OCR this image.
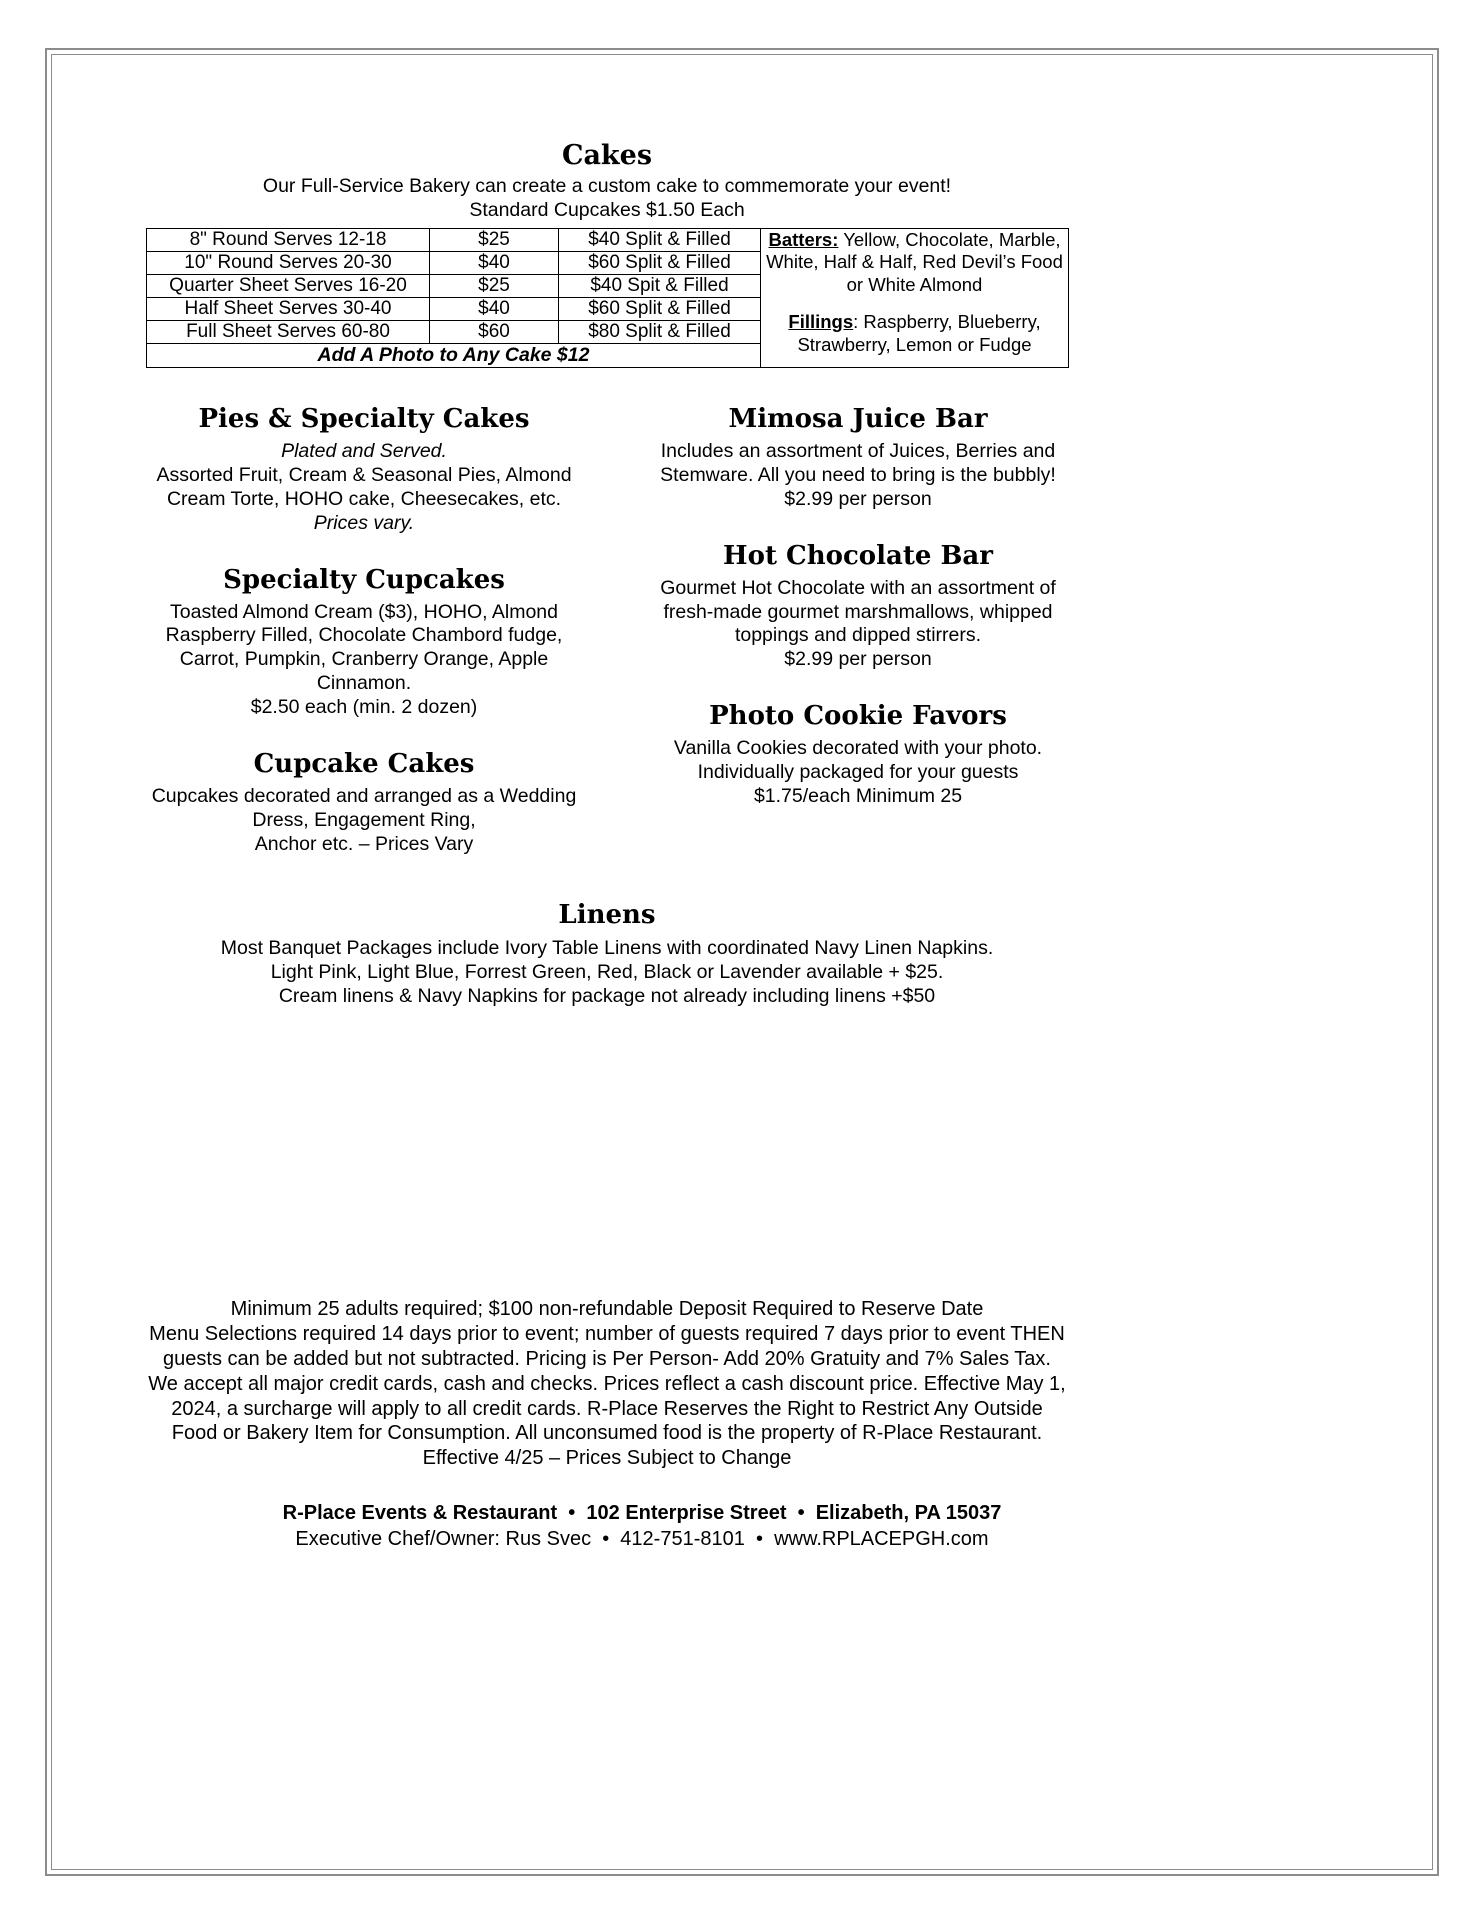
Cakes
Our Full-Service Bakery can create a custom cake to commemorate your event!
Standard Cupcakes $1.50 Each
8" Round Serves 12-18	$25	$40 Split & Filled	Batters: Yellow, Chocolate, Marble, White, Half & Half, Red Devil’s Food or White Almond

Fillings: Raspberry, Blueberry, Strawberry, Lemon or Fudge

10" Round Serves 20-30	$40	$60 Split & Filled	
Quarter Sheet Serves 16-20	$25	$40 Spit & Filled	
Half Sheet Serves 30-40	$40	$60 Split & Filled	
Full Sheet Serves 60-80	$60	$80 Split & Filled	
Add A Photo to Any Cake $12			
Pies & Specialty Cakes

Plated and Served.

Assorted Fruit, Cream & Seasonal Pies, Almond Cream Torte, HOHO cake, Cheesecakes, etc.

Prices vary.

Specialty Cupcakes

Toasted Almond Cream ($3), HOHO, Almond Raspberry Filled, Chocolate Chambord fudge, Carrot, Pumpkin, Cranberry Orange, Apple Cinnamon.

$2.50 each (min. 2 dozen)

Cupcake Cakes

Cupcakes decorated and arranged as a Wedding Dress, Engagement Ring,

Anchor etc. – Prices Vary

Mimosa Juice Bar

Includes an assortment of Juices, Berries and Stemware. All you need to bring is the bubbly!

$2.99 per person

Hot Chocolate Bar

Gourmet Hot Chocolate with an assortment of fresh-made gourmet marshmallows, whipped toppings and dipped stirrers.

$2.99 per person

Photo Cookie Favors

Vanilla Cookies decorated with your photo. Individually packaged for your guests

$1.75/each Minimum 25

Linens

Most Banquet Packages include Ivory Table Linens with coordinated Navy Linen Napkins.

Light Pink, Light Blue, Forrest Green, Red, Black or Lavender available + $25.

Cream linens & Navy Napkins for package not already including linens +$50

Minimum 25 adults required; $100 non-refundable Deposit Required to Reserve Date
Menu Selections required 14 days prior to event; number of guests required 7 days prior to event THEN guests can be added but not subtracted. Pricing is Per Person- Add 20% Gratuity and 7% Sales Tax. We accept all major credit cards, cash and checks. Prices reflect a cash discount price. Effective May 1, 2024, a surcharge will apply to all credit cards. R-Place Reserves the Right to Restrict Any Outside Food or Bakery Item for Consumption. All unconsumed food is the property of R-Place Restaurant. Effective 4/25 – Prices Subject to Change
R-Place Events & Restaurant  •  102 Enterprise Street  •  Elizabeth, PA 15037
Executive Chef/Owner: Rus Svec  •  412-751-8101  •  www.RPLACEPGH.com
